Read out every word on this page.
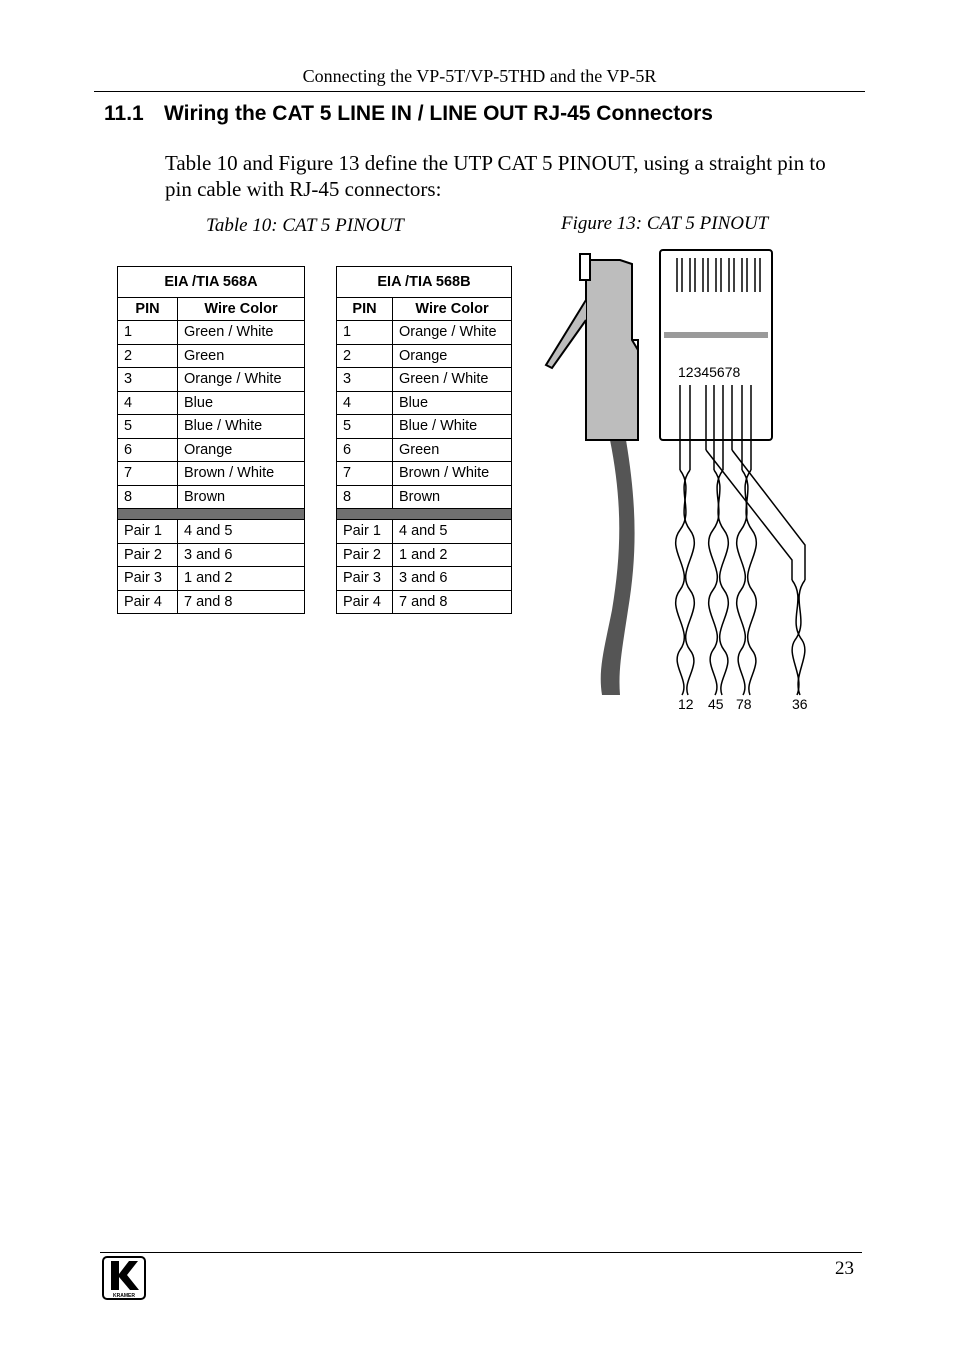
Connecting the VP-5T/VP-5THD and the VP-5R
11.1 Wiring the CAT 5 LINE IN / LINE OUT RJ-45 Connectors

Table 10 and Figure 13 define the UTP CAT 5 PINOUT, using a straight pin to pin cable with RJ-45 connectors:

Table 10: CAT 5 PINOUT	Figure 13: CAT 5 PINOUT
EIA /TIA 568A	
PIN	Wire Color
1	Green / White
2	Green
3	Orange / White
4	Blue
5	Blue / White
6	Orange
7	Brown / White
8	Brown

Pair 1	4 and 5
Pair 2	3 and 6
Pair 3	1 and 2
Pair 4	7 and 8
EIA /TIA 568B	
PIN	Wire Color
1	Orange / White
2	Orange
3	Green / White
4	Blue
5	Blue / White
6	Green
7	Brown / White
8	Brown

Pair 1	4 and 5
Pair 2	1 and 2
Pair 3	3 and 6
Pair 4	7 and 8
12345678
12 45 78	36
KRAMER
23
